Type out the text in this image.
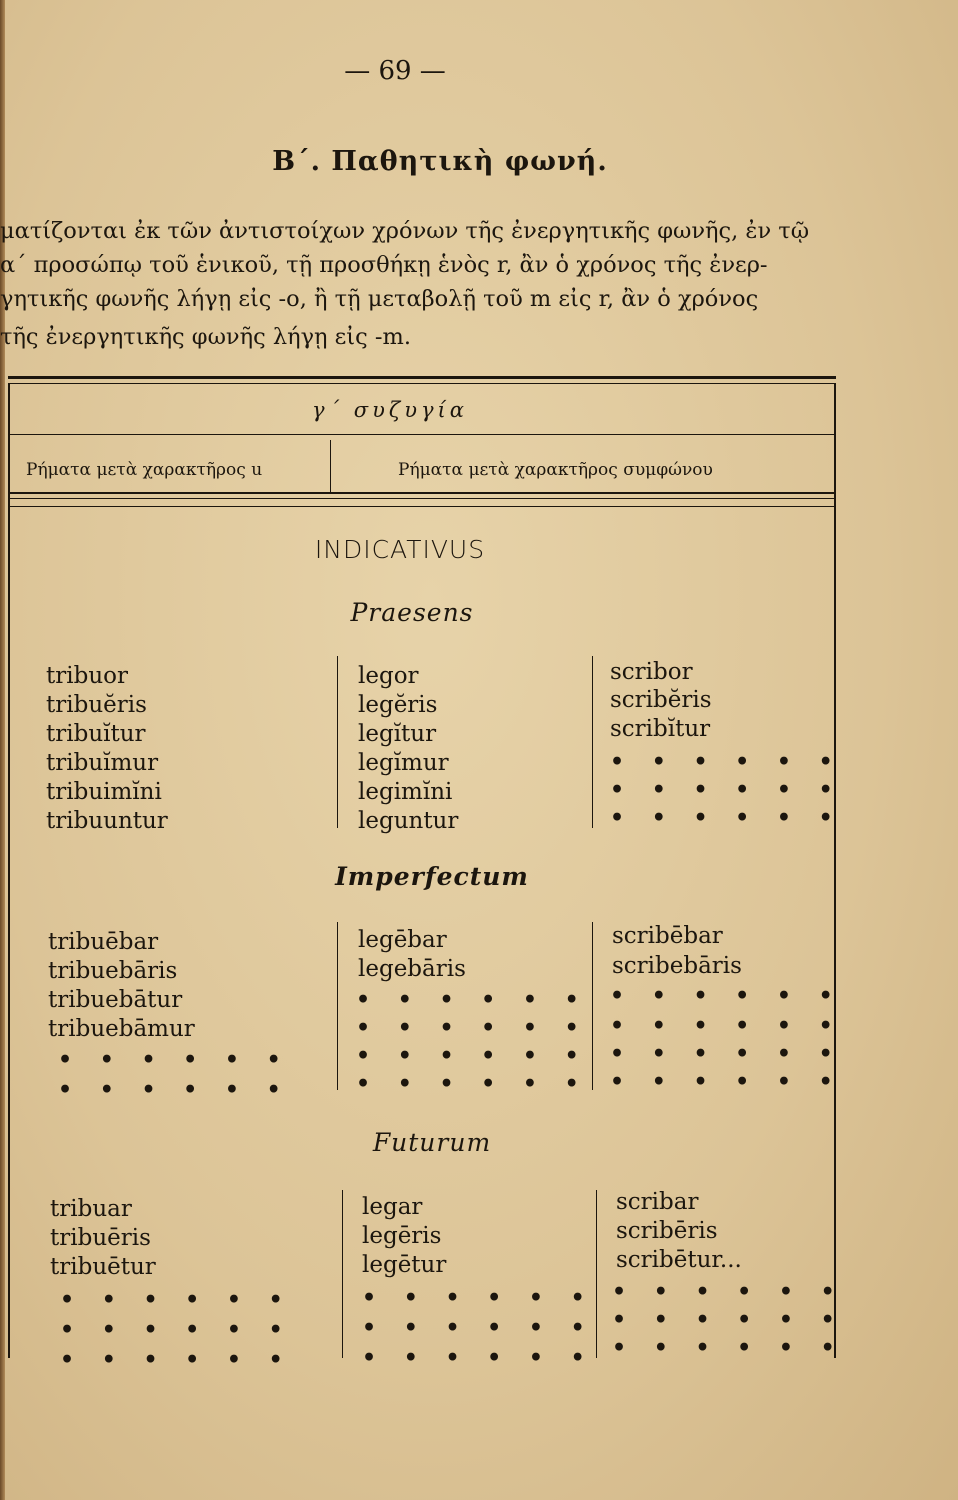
— 69 —
Β΄. Παθητικὴ φωνή.
ματίζονται ἐκ τῶν ἀντιστοίχων χρόνων τῆς ἐνεργητικῆς φωνῆς, ἐν τῷ
α΄ προσώπῳ τοῦ ἑνικοῦ, τῇ προσθήκῃ ἑνὸς r, ἂν ὁ χρόνος τῆς ἐνερ-
γητικῆς φωνῆς λήγῃ εἰς -o, ἢ τῇ μεταβολῇ τοῦ m εἰς r, ἂν ὁ χρόνος
τῆς ἐνεργητικῆς φωνῆς λήγῃ εἰς -m.
γ΄ συζυγία
Ρήματα μετὰ χαρακτῆρος u	Ρήματα μετὰ χαρακτῆρος συμφώνου
INDICATIVUS
Praesens
tribuor
tribuĕris
tribuĭtur
tribuĭmur
tribuimĭni
tribuuntur
legor
legĕris
legĭtur
legĭmur
legimĭni
leguntur
scribor
scribĕris
scribĭtur
• • • • • •
• • • • • •
• • • • • •
Imperfectum
tribuēbar
tribuebāris
tribuebātur
tribuebāmur
• • • • • •
• • • • • •
legēbar
legebāris
• • • • • •
• • • • • •
• • • • • •
• • • • • •
scribēbar
scribebāris
• • • • • •
• • • • • •
• • • • • •
• • • • • •
Futurum
tribuar
tribuēris
tribuētur
• • • • • •
• • • • • •
• • • • • •
legar
legēris
legētur
• • • • • •
• • • • • •
• • • • • •
scribar
scribēris
scribētur...
• • • • • •
• • • • • •
• • • • • •
